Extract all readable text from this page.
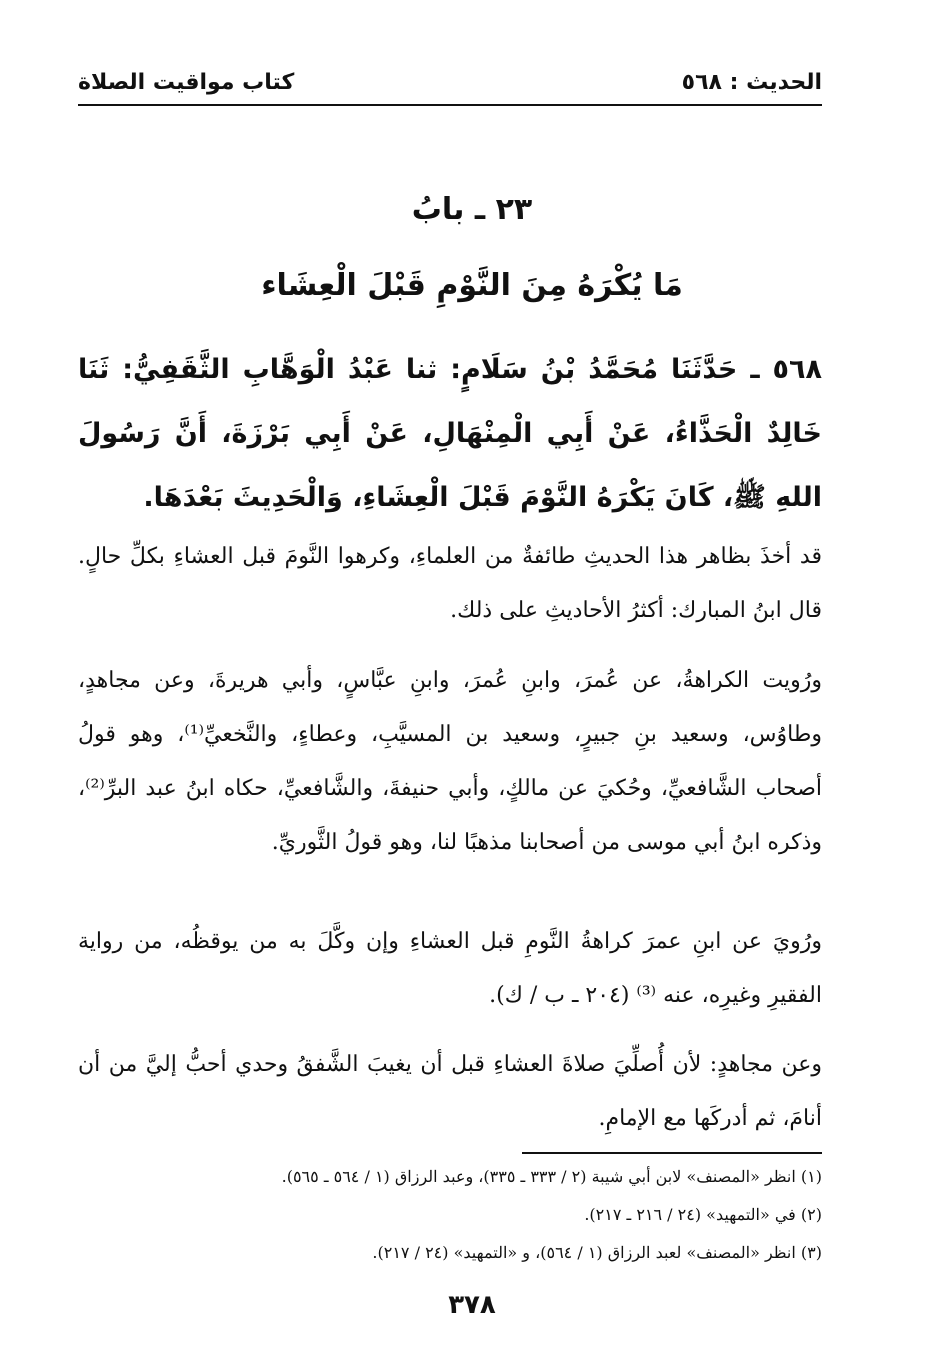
الحديث : ٥٦٨
كتاب مواقيت الصلاة
٢٣ ـ بابُ
مَا يُكْرَهُ مِنَ النَّوْمِ قَبْلَ الْعِشَاء
٥٦٨ ـ حَدَّثَنَا مُحَمَّدُ بْنُ سَلَامٍ: ثنا عَبْدُ الْوَهَّابِ الثَّقَفِيُّ: ثَنَا خَالِدٌ الْحَذَّاءُ، عَنْ أَبِي الْمِنْهَالِ، عَنْ أَبِي بَرْزَةَ، أَنَّ رَسُولَ اللهِ ﷺ، كَانَ يَكْرَهُ النَّوْمَ قَبْلَ الْعِشَاءِ، وَالْحَدِيثَ بَعْدَهَا.
قد أخذَ بظاهر هذا الحديثِ طائفةٌ من العلماءِ، وكرهوا النَّومَ قبل العشاءِ بكلِّ حالٍ. قال ابنُ المبارك: أكثرُ الأحاديثِ على ذلك.
ورُويت الكراهةُ، عن عُمرَ، وابنِ عُمرَ، وابنِ عبَّاسٍ، وأبي هريرةَ، وعن مجاهدٍ، وطاوُس، وسعيد بنِ جبيرٍ، وسعيد بن المسيَّبِ، وعطاءٍ، والنَّخعيِّ⁽¹⁾، وهو قولُ أصحاب الشَّافعيِّ، وحُكيَ عن مالكٍ، وأبي حنيفةَ، والشَّافعيِّ، حكاه ابنُ عبد البرِّ⁽²⁾، وذكره ابنُ أبي موسى من أصحابنا مذهبًا لنا، وهو قولُ الثَّوريِّ.
ورُويَ عن ابنِ عمرَ كراهةُ النَّومِ قبل العشاءِ وإن وكَّلَ به من يوقظُه، من رواية الفقيرِ وغيرِه، عنه ⁽³⁾ (٢٠٤ ـ ب / ك).
وعن مجاهدٍ: لأن أُصلِّيَ صلاةَ العشاءِ قبل أن يغيبَ الشَّفقُ وحدي أحبُّ إليَّ من أن أنامَ، ثم أدركَها مع الإمامِ.
(١) انظر «المصنف» لابن أبي شيبة (٢ / ٣٣٣ ـ ٣٣٥)، وعبد الرزاق (١ / ٥٦٤ ـ ٥٦٥).
(٢) في «التمهيد» (٢٤ / ٢١٦ ـ ٢١٧).
(٣) انظر «المصنف» لعبد الرزاق (١ / ٥٦٤)، و «التمهيد» (٢٤ / ٢١٧).
٣٧٨
